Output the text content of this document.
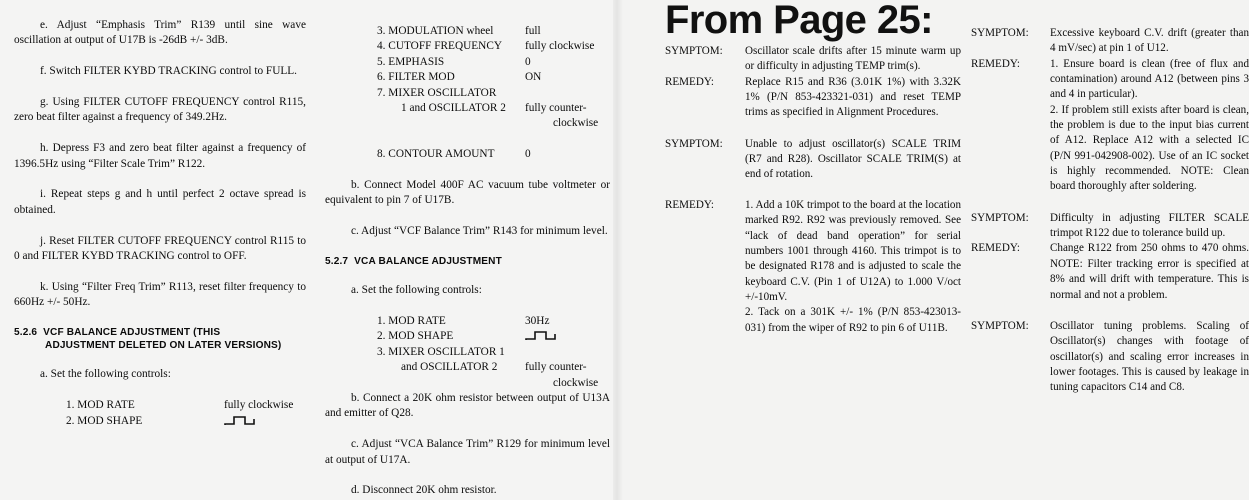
e. Adjust “Emphasis Trim” R139 until sine wave oscillation at output of U17B is -26dB +/- 3dB.

f. Switch FILTER KYBD TRACKING control to FULL.

g. Using FILTER CUTOFF FREQUENCY control R115, zero beat filter against a frequency of 349.2Hz.

h. Depress F3 and zero beat filter against a frequency of 1396.5Hz using “Filter Scale Trim” R122.

i. Repeat steps g and h until perfect 2 octave spread is obtained.

j. Reset FILTER CUTOFF FREQUENCY control R115 to 0 and FILTER KYBD TRACKING control to OFF.

k. Using “Filter Freq Trim” R113, reset filter frequency to 660Hz +/- 50Hz.

5.2.6 VCF BALANCE ADJUSTMENT (THIS
ADJUSTMENT DELETED ON LATER VERSIONS)

a. Set the following controls:

1. MOD RATE	fully clockwise
2. MOD SHAPE
3. MODULATION wheel	full
4. CUTOFF FREQUENCY	fully clockwise
5. EMPHASIS	0
6. FILTER MOD	ON
7. MIXER OSCILLATOR
1 and OSCILLATOR 2	fully counter-
clockwise
8. CONTOUR AMOUNT	0

b. Connect Model 400F AC vacuum tube voltmeter or equivalent to pin 7 of U17B.

c. Adjust “VCF Balance Trim” R143 for minimum level.

5.2.7 VCA BALANCE ADJUSTMENT

a. Set the following controls:

1. MOD RATE	30Hz
2. MOD SHAPE
3. MIXER OSCILLATOR 1
and OSCILLATOR 2	fully counter-
clockwise

b. Connect a 20K ohm resistor between output of U13A and emitter of Q28.

c. Adjust “VCA Balance Trim” R129 for minimum level at output of U17A.

d. Disconnect 20K ohm resistor.

From Page 25:
SYMPTOM:	Oscillator scale drifts after 15 minute warm up or difficulty in adjusting TEMP trim(s).
REMEDY:	Replace R15 and R36 (3.01K 1%) with 3.32K 1% (P/N 853-423321-031) and reset TEMP trims as specified in Alignment Procedures.
SYMPTOM:	Unable to adjust oscillator(s) SCALE TRIM (R7 and R28). Oscillator SCALE TRIM(S) at end of rotation.
REMEDY:	1. Add a 10K trimpot to the board at the location marked R92. R92 was previously removed. See “lack of dead band operation” for serial numbers 1001 through 4160. This trimpot is to be designated R178 and is adjusted to scale the keyboard C.V. (Pin 1 of U12A) to 1.000 V/oct +/-10mV.
2. Tack on a 301K +/- 1% (P/N 853-423013-031) from the wiper of R92 to pin 6 of U11B.
SYMPTOM:	Excessive keyboard C.V. drift (greater than 4 mV/sec) at pin 1 of U12.
REMEDY:	1. Ensure board is clean (free of flux and contamination) around A12 (between pins 3 and 4 in particular).
2. If problem still exists after board is clean, the problem is due to the input bias current of A12. Replace A12 with a selected IC (P/N 991-042908-002). Use of an IC socket is highly recommended. NOTE: Clean board thoroughly after soldering.
SYMPTOM:	Difficulty in adjusting FILTER SCALE trimpot R122 due to tolerance build up.
REMEDY:	Change R122 from 250 ohms to 470 ohms. NOTE: Filter tracking error is specified at 8% and will drift with temperature. This is normal and not a problem.
SYMPTOM:	Oscillator tuning problems. Scaling of Oscillator(s) changes with footage of oscillator(s) and scaling error increases in lower footages. This is caused by leakage in tuning capacitors C14 and C8.
